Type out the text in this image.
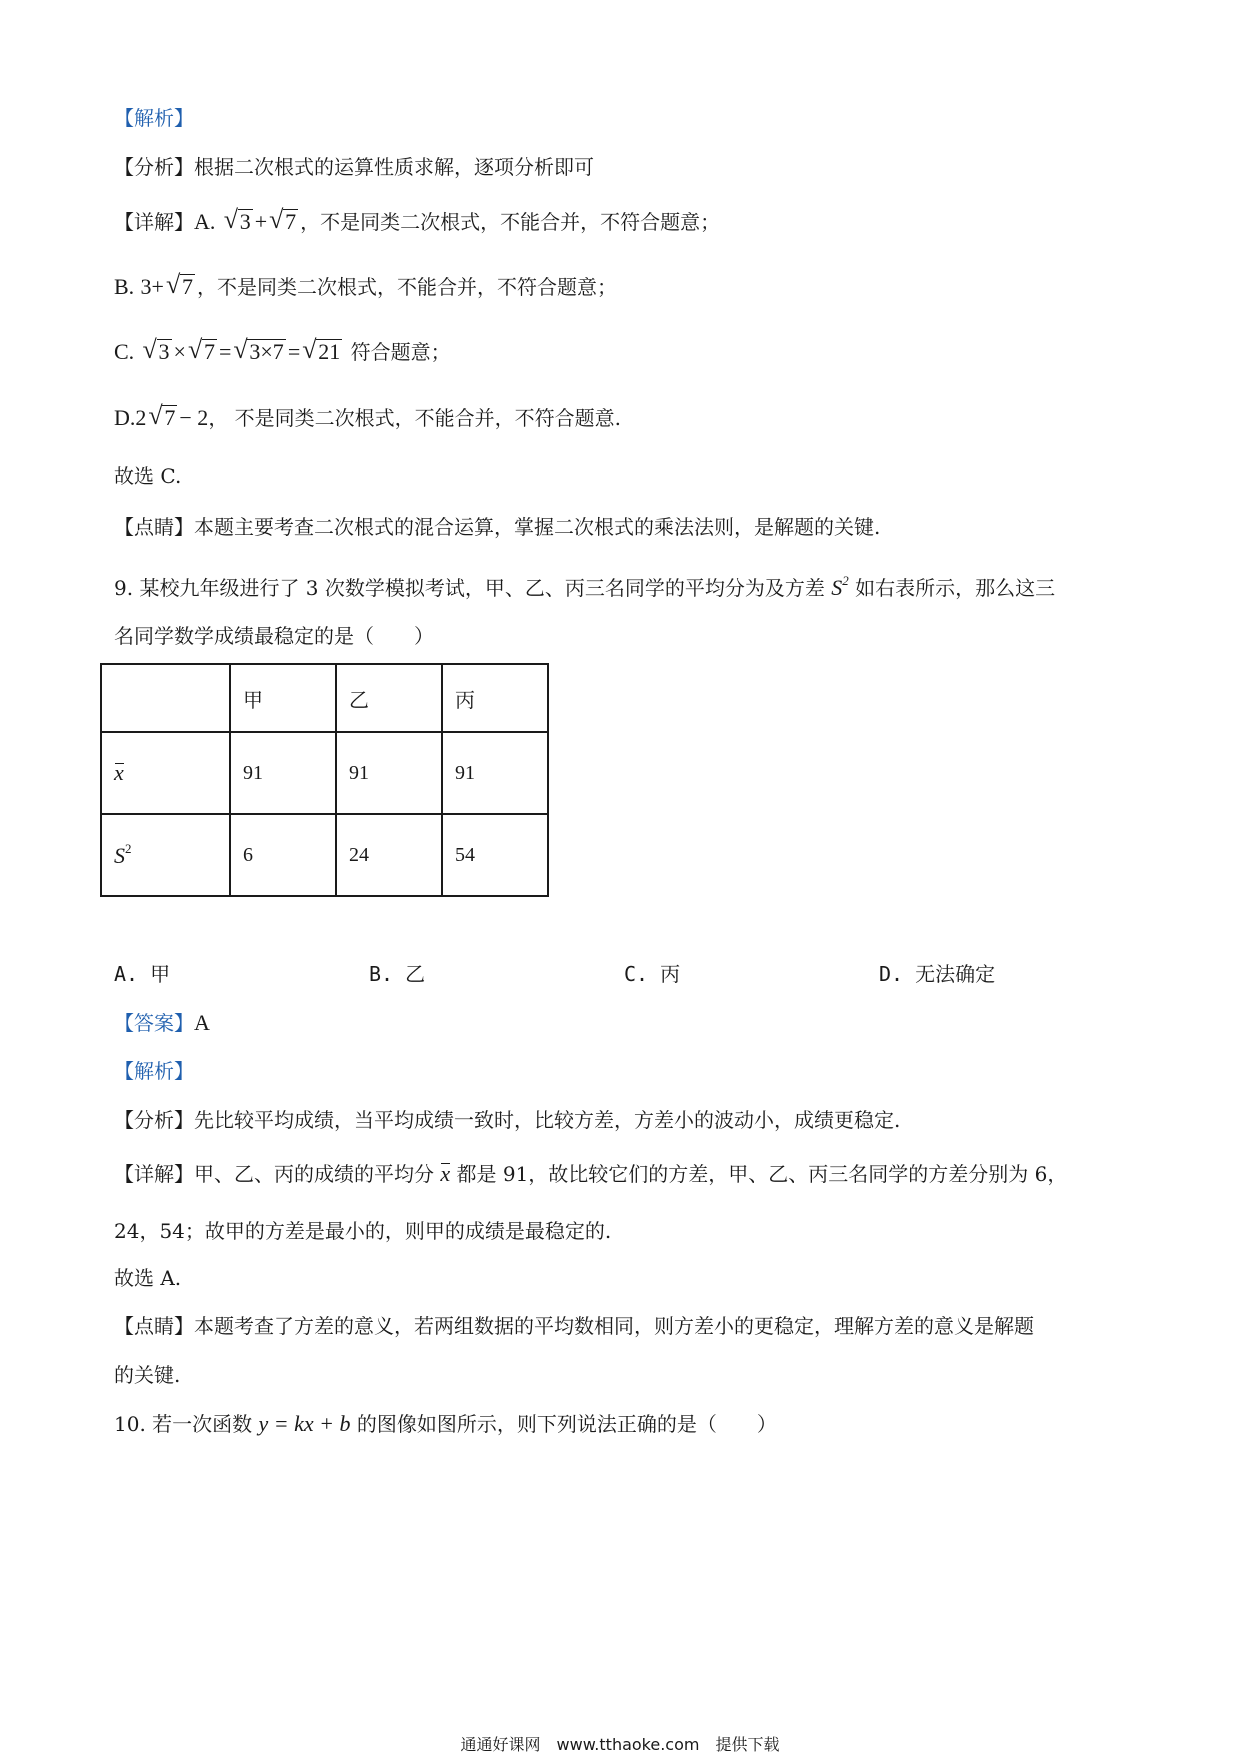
【解析】
【分析】根据二次根式的运算性质求解，逐项分析即可
【详解】A. √ 3 + √ 7 ，不是同类二次根式，不能合并，不符合题意；
B. 3+ √ 7 ，不是同类二次根式，不能合并，不符合题意；
C. √ 3 × √ 7 = √ 3×7 = √ 21 符合题意；
D.2 √ 7 − 2， 不是同类二次根式，不能合并，不符合题意.
故选 C.
【点睛】本题主要考查二次根式的混合运算，掌握二次根式的乘法法则，是解题的关键.
9. 某校九年级进行了 3 次数学模拟考试，甲、乙、丙三名同学的平均分为及方差 $S^2$ 如右表所示，那么这三
名同学数学成绩最稳定的是（　　）
	甲	乙	丙
x	91	91	91
$S^2$	6	24	54
A. 甲	B. 乙	C. 丙	D. 无法确定
【答案】A
【解析】
【分析】先比较平均成绩，当平均成绩一致时，比较方差，方差小的波动小，成绩更稳定.
【详解】甲、乙、丙的成绩的平均分 x 都是 91，故比较它们的方差，甲、乙、丙三名同学的方差分别为 6，
24，54；故甲的方差是最小的，则甲的成绩是最稳定的.
故选 A.
【点睛】本题考查了方差的意义，若两组数据的平均数相同，则方差小的更稳定，理解方差的意义是解题
的关键.
10. 若一次函数 y = kx + b 的图像如图所示，则下列说法正确的是（　　）
通通好课网　www.tthaoke.com　提供下载
